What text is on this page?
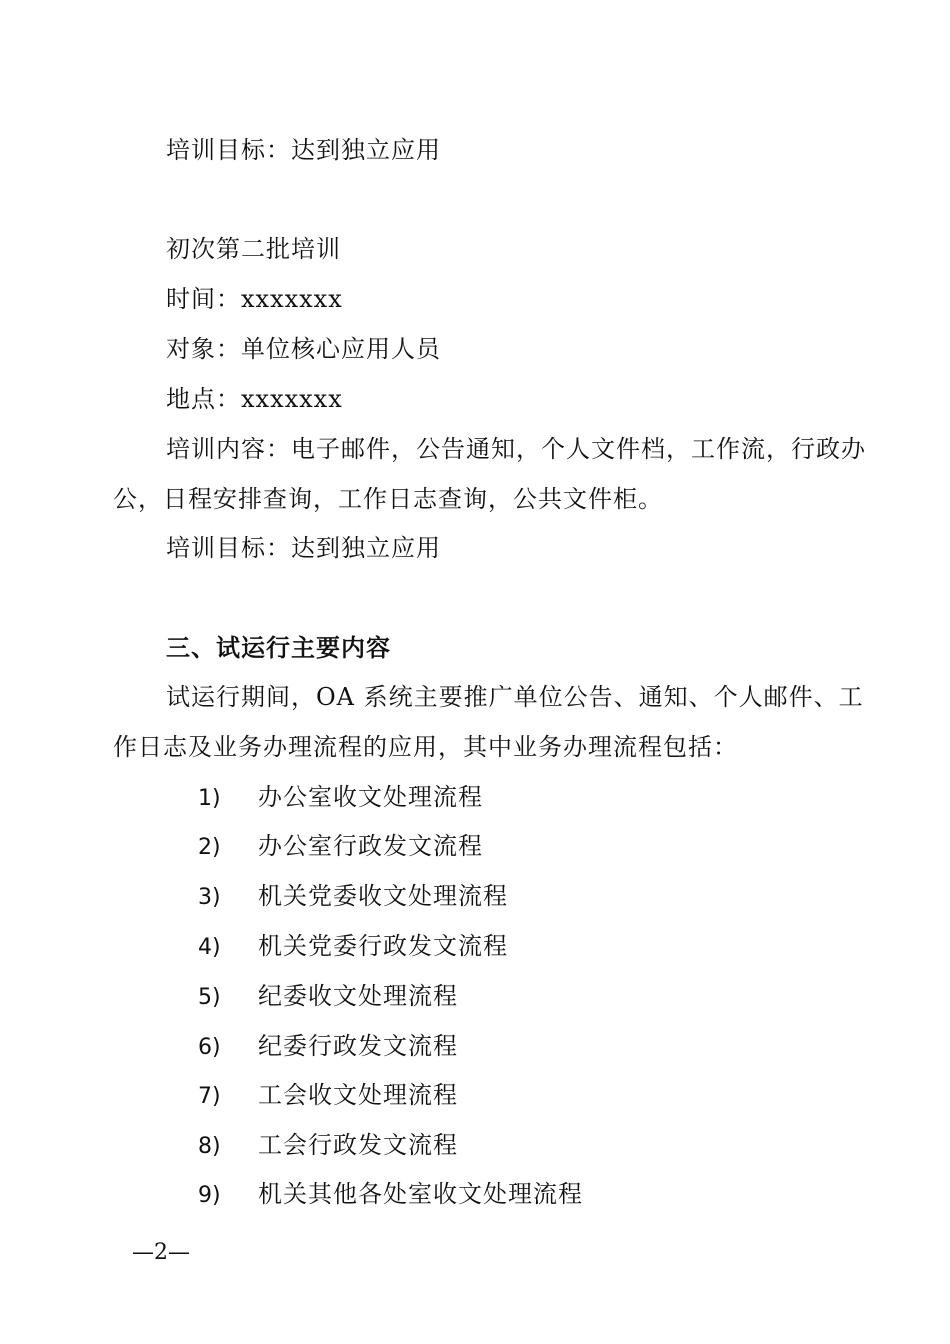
培训目标：达到独立应用
初次第二批培训
时间：xxxxxxx
对象：单位核心应用人员
地点：xxxxxxx
培训内容：电子邮件，公告通知，个人文件档，工作流，行政办
公，日程安排查询，工作日志查询，公共文件柜。
培训目标：达到独立应用
三、试运行主要内容
试运行期间，OA 系统主要推广单位公告、通知、个人邮件、工
作日志及业务办理流程的应用，其中业务办理流程包括：
1) 办公室收文处理流程
2) 办公室行政发文流程
3) 机关党委收文处理流程
4) 机关党委行政发文流程
5) 纪委收文处理流程
6) 纪委行政发文流程
7) 工会收文处理流程
8) 工会行政发文流程
9) 机关其他各处室收文处理流程
—2—
